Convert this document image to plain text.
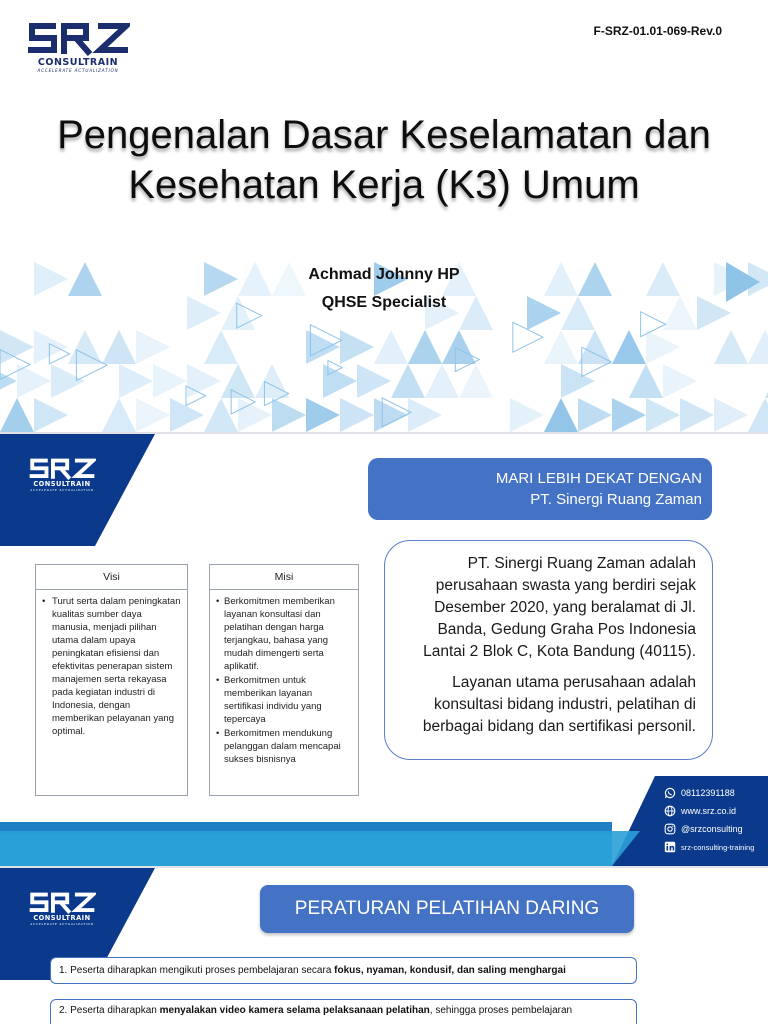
CONSULTRAIN
ACCELERATE ACTUALIZATION
F-SRZ-01.01-069-Rev.0
Pengenalan Dasar Keselamatan dan
Kesehatan Kerja (K3) Umum
Achmad Johnny HP
QHSE Specialist
CONSULTRAIN
ACCELERATE ACTUALIZATION
MARI LEBIH DEKAT DENGAN
PT. Sinergi Ruang Zaman
Visi
• Turut serta dalam peningkatan kualitas sumber daya manusia, menjadi pilihan utama dalam upaya peningkatan efisiensi dan efektivitas penerapan sistem manajemen serta rekayasa pada kegiatan industri di Indonesia, dengan memberikan pelayanan yang optimal.
Misi
• Berkomitmen memberikan layanan konsultasi dan pelatihan dengan harga terjangkau, bahasa yang mudah dimengerti serta aplikatif.
• Berkomitmen untuk memberikan layanan sertifikasi individu yang tepercaya
• Berkomitmen mendukung pelanggan dalam mencapai sukses bisnisnya

PT. Sinergi Ruang Zaman adalah perusahaan swasta yang berdiri sejak Desember 2020, yang beralamat di Jl. Banda, Gedung Graha Pos Indonesia Lantai 2 Blok C, Kota Bandung (40115).

Layanan utama perusahaan adalah konsultasi bidang industri, pelatihan di berbagai bidang dan sertifikasi personil.

08112391188
www.srz.co.id
@srzconsulting
srz-consulting-training
CONSULTRAIN
ACCELERATE ACTUALIZATION
PERATURAN PELATIHAN DARING
1. Peserta diharapkan mengikuti proses pembelajaran secara fokus, nyaman, kondusif, dan saling menghargai
2. Peserta diharapkan menyalakan video kamera selama pelaksanaan pelatihan, sehingga proses pembelajaran
